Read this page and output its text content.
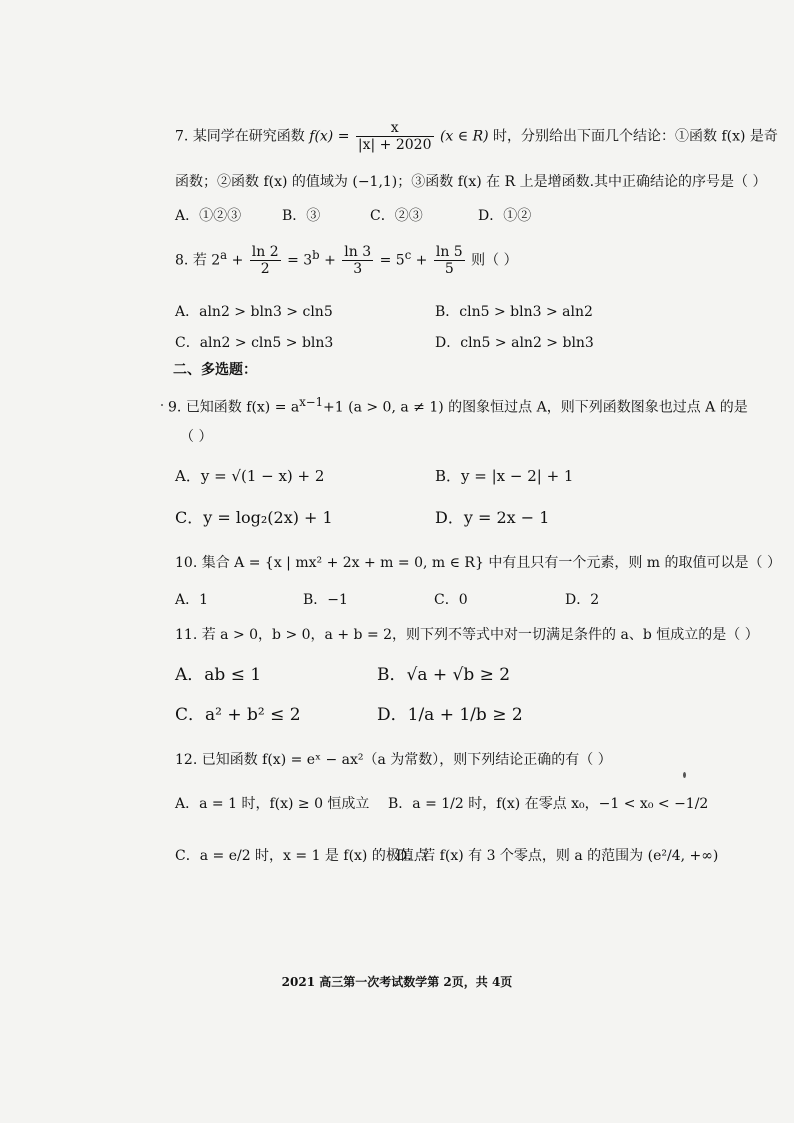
7. 某同学在研究函数 $f(x) = \frac{x}{|x| + 2020} (x$ ∈ R) 时，分别给出下面几个结论：①函数 f(x) 是奇
函数；②函数 f(x) 的值域为 (−1,1)；③函数 f(x) 在 R 上是增函数.其中正确结论的序号是（ ）
A．①②③	B．③	C．②③	D．①②
8. 若 $2^a + \frac{\ln 2}{2} = 3^b + \frac{\ln 3}{3} = 5^c + \frac{\ln 5}{5}$ 则（ ）
A．aln2 > bln3 > cln5	B．cln5 > bln3 > aln2
C．aln2 > cln5 > bln3	D．cln5 > aln2 > bln3
二、多选题：
9. 已知函数 $f(x) = a^{x-1}+1$ (a > 0, a ≠ 1) 的图象恒过点 A，则下列函数图象也过点 A 的是
（ ）
A．y = √(1 − x) + 2	B．y = |x − 2| + 1
C．y = log₂(2x) + 1	D．y = 2x − 1
10. 集合 A = {x | mx² + 2x + m = 0, m ∈ R} 中有且只有一个元素，则 m 的取值可以是（ ）
A．1	B．−1	C．0	D．2
11. 若 a > 0，b > 0，a + b = 2，则下列不等式中对一切满足条件的 a、b 恒成立的是（ ）
A．ab ≤ 1	B．√a + √b ≥ 2
C．a² + b² ≤ 2	D．1/a + 1/b ≥ 2
12. 已知函数 f(x) = eˣ − ax²（a 为常数），则下列结论正确的有（ ）
A．a = 1 时，f(x) ≥ 0 恒成立 B．a = 1/2 时，f(x) 在零点 x₀，−1 < x₀ < −1/2
C．a = e/2 时，x = 1 是 f(x) 的极值点
D．若 f(x) 有 3 个零点，则 a 的范围为 (e²/4, +∞)
2021 高三第一次考试数学第 2页，共 4页
